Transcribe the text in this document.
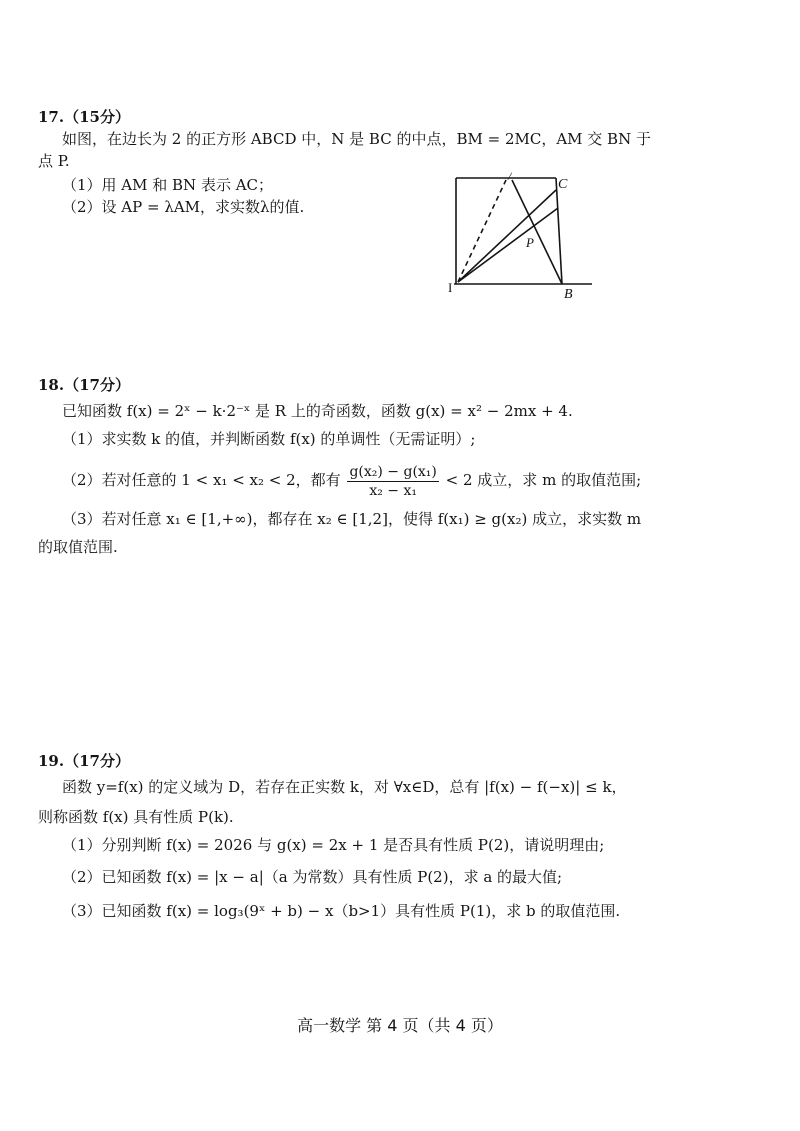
17.（15分）
如图，在边长为 2 的正方形 ABCD 中，N 是 BC 的中点，BM = 2MC，AM 交 BN 于
点 P.
（1）用 AM 和 BN 表示 AC；
（2）设 AP = λAM，求实数λ的值.
/
C
P
B
I
18.（17分）
已知函数 f(x) = 2ˣ − k·2⁻ˣ 是 R 上的奇函数，函数 g(x) = x² − 2mx + 4.
（1）求实数 k 的值，并判断函数 f(x) 的单调性（无需证明）;
（2）若对任意的 1 < x₁ < x₂ < 2，都有 $\frac{\text{g(x₂) − g(x₁)}}{\text{x₂ − x₁}} < 2$ 成立，求 m 的取值范围;
（3）若对任意 x₁ ∈ [1,+∞)，都存在 x₂ ∈ [1,2]，使得 f(x₁) ≥ g(x₂) 成立，求实数 m
的取值范围.
19.（17分）
函数 y=f(x) 的定义域为 D，若存在正实数 k，对 ∀x∈D，总有 |f(x) − f(−x)| ≤ k，
则称函数 f(x) 具有性质 P(k).
（1）分别判断 f(x) = 2026 与 g(x) = 2x + 1 是否具有性质 P(2)，请说明理由;
（2）已知函数 f(x) = |x − a|（a 为常数）具有性质 P(2)，求 a 的最大值;
（3）已知函数 f(x) = log₃(9ˣ + b) − x（b>1）具有性质 P(1)，求 b 的取值范围.
高一数学 第 4 页（共 4 页）
